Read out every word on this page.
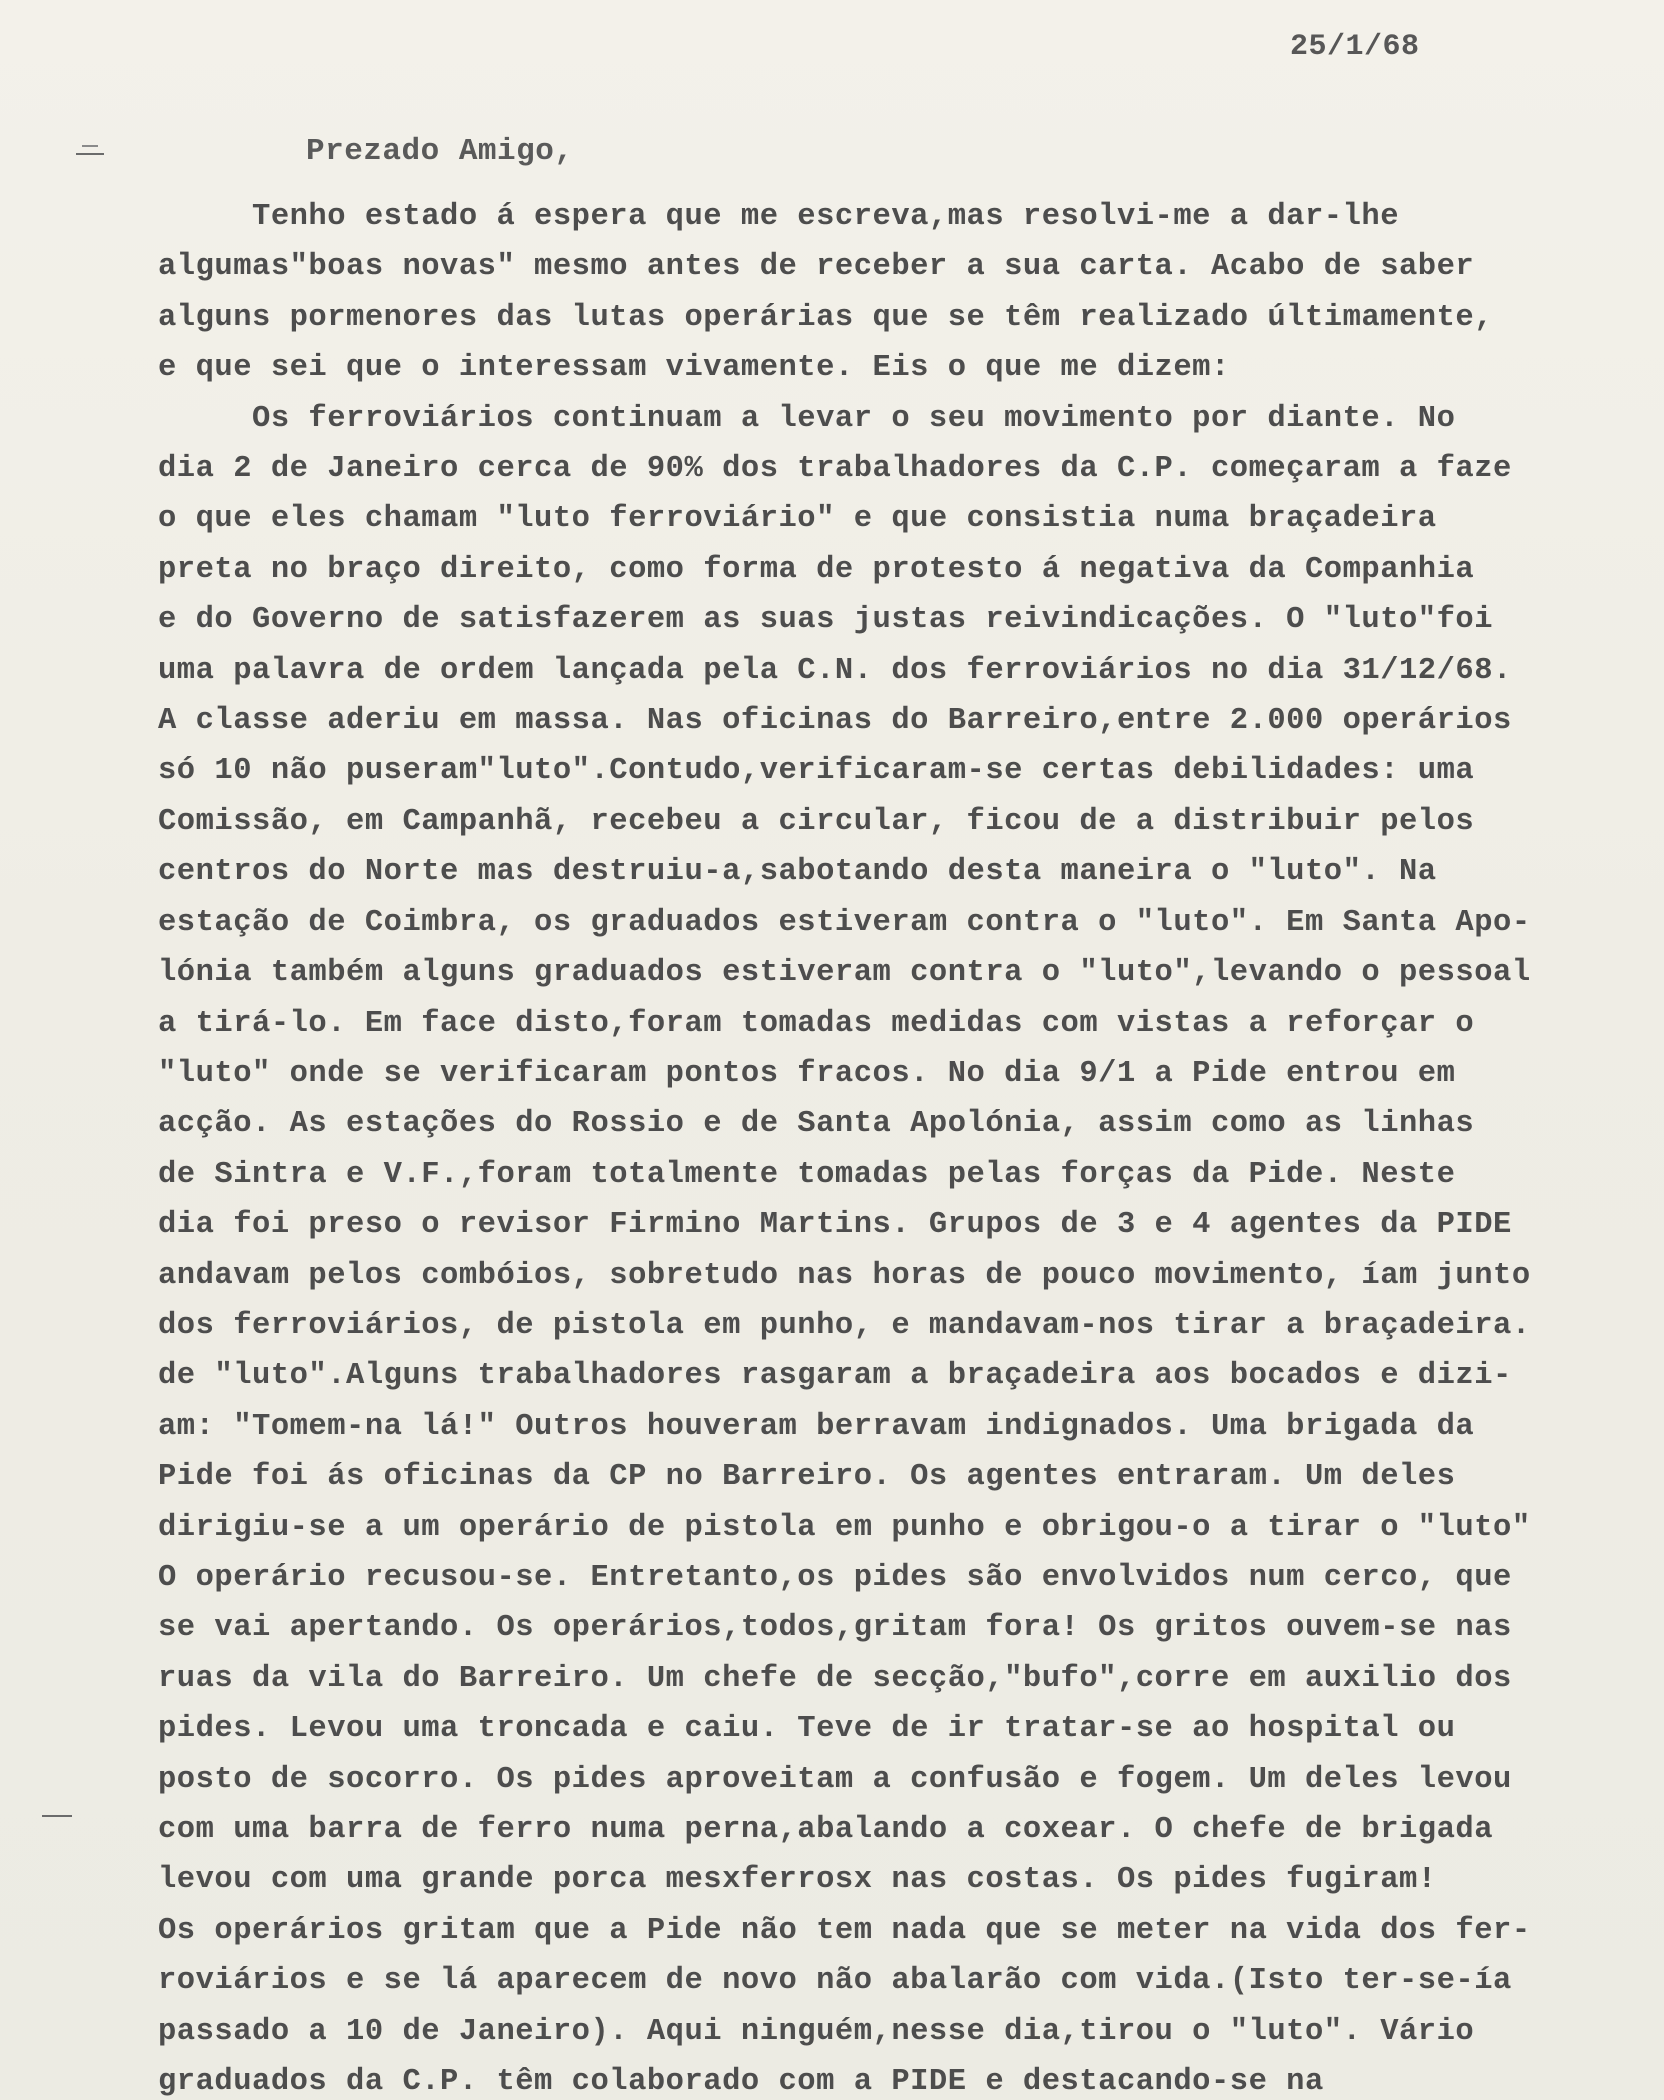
25/1/68
Prezado Amigo,
Tenho estado á espera que me escreva,mas resolvi-me a dar-lhe
algumas"boas novas" mesmo antes de receber a sua carta. Acabo de saber
alguns pormenores das lutas operárias que se têm realizado últimamente,
e que sei que o interessam vivamente. Eis o que me dizem:
Os ferroviários continuam a levar o seu movimento por diante. No
dia 2 de Janeiro cerca de 90% dos trabalhadores da C.P. começaram a faze
o que eles chamam "luto ferroviário" e que consistia numa braçadeira
preta no braço direito, como forma de protesto á negativa da Companhia
e do Governo de satisfazerem as suas justas reivindicações. O "luto"foi
uma palavra de ordem lançada pela C.N. dos ferroviários no dia 31/12/68.
A classe aderiu em massa. Nas oficinas do Barreiro,entre 2.000 operários
só 10 não puseram"luto".Contudo,verificaram-se certas debilidades: uma
Comissão, em Campanhã, recebeu a circular, ficou de a distribuir pelos
centros do Norte mas destruiu-a,sabotando desta maneira o "luto". Na
estação de Coimbra, os graduados estiveram contra o "luto". Em Santa Apo-
lónia também alguns graduados estiveram contra o "luto",levando o pessoal
a tirá-lo. Em face disto,foram tomadas medidas com vistas a reforçar o
"luto" onde se verificaram pontos fracos. No dia 9/1 a Pide entrou em
acção. As estações do Rossio e de Santa Apolónia, assim como as linhas
de Sintra e V.F.,foram totalmente tomadas pelas forças da Pide. Neste
dia foi preso o revisor Firmino Martins. Grupos de 3 e 4 agentes da PIDE
andavam pelos combóios, sobretudo nas horas de pouco movimento, íam junto
dos ferroviários, de pistola em punho, e mandavam-nos tirar a braçadeira.
de "luto".Alguns trabalhadores rasgaram a braçadeira aos bocados e dizi-
am: "Tomem-na lá!" Outros houveram berravam indignados. Uma brigada da
Pide foi ás oficinas da CP no Barreiro. Os agentes entraram. Um deles
dirigiu-se a um operário de pistola em punho e obrigou-o a tirar o "luto"
O operário recusou-se. Entretanto,os pides são envolvidos num cerco, que
se vai apertando. Os operários,todos,gritam fora! Os gritos ouvem-se nas
ruas da vila do Barreiro. Um chefe de secção,"bufo",corre em auxilio dos
pides. Levou uma troncada e caiu. Teve de ir tratar-se ao hospital ou
posto de socorro. Os pides aproveitam a confusão e fogem. Um deles levou
com uma barra de ferro numa perna,abalando a coxear. O chefe de brigada
levou com uma grande porca mesxferrosx nas costas. Os pides fugiram!
Os operários gritam que a Pide não tem nada que se meter na vida dos fer-
roviários e se lá aparecem de novo não abalarão com vida.(Isto ter-se-ía
passado a 10 de Janeiro). Aqui ninguém,nesse dia,tirou o "luto". Vário
graduados da C.P. têm colaborado com a PIDE e destacando-se na
